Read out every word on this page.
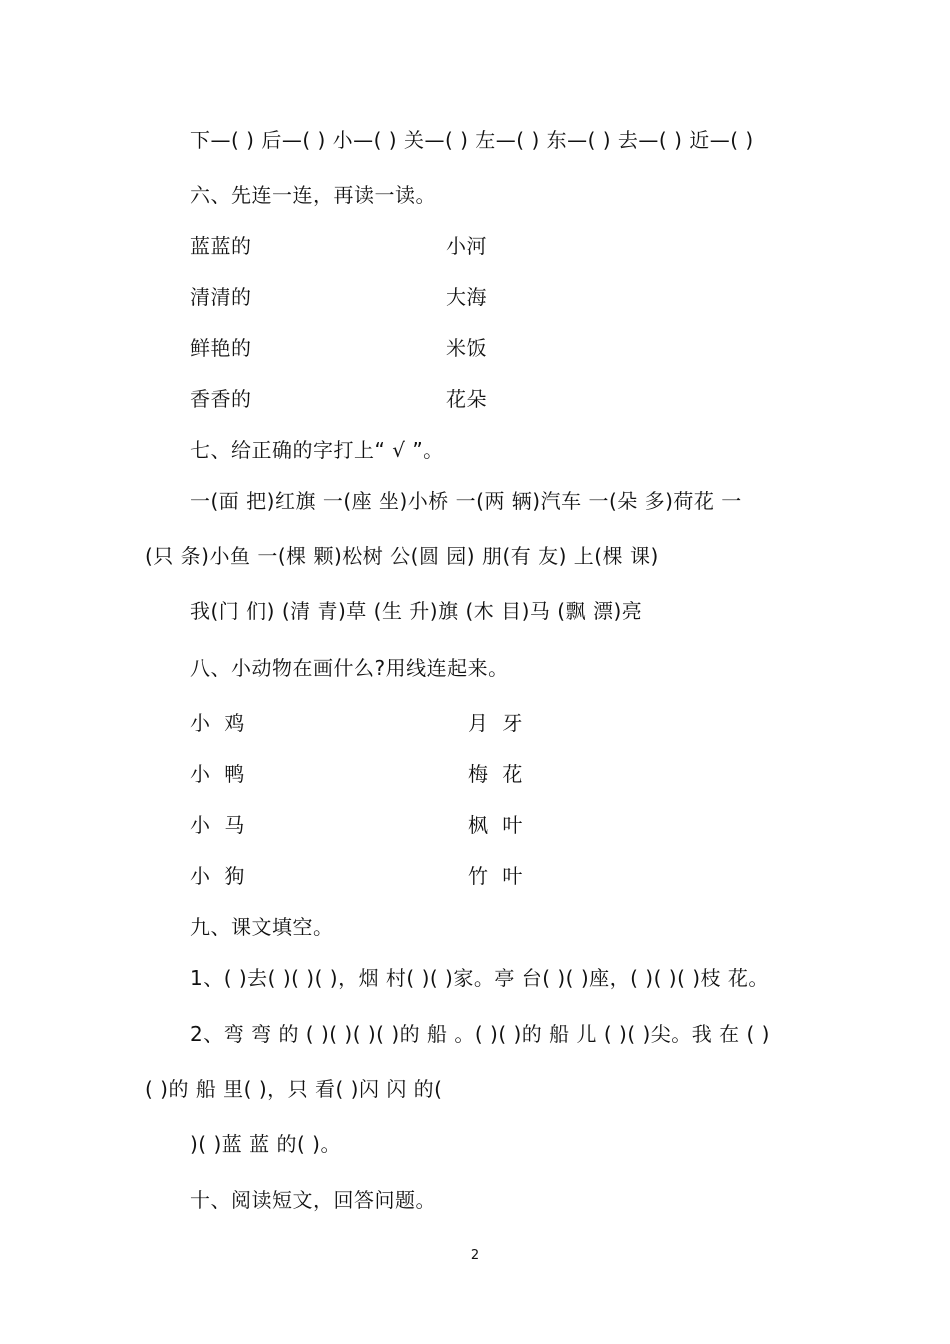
下—( ) 后—( ) 小—( ) 关—( ) 左—( ) 东—( ) 去—( ) 近—( )
六、先连一连，再读一读。
蓝蓝的	小河
清清的	大海
鲜艳的	米饭
香香的	花朵
七、给正确的字打上“ √ ”。
一(面 把)红旗 一(座 坐)小桥 一(两 辆)汽车 一(朵 多)荷花 一
(只 条)小鱼 一(棵 颗)松树 公(圆 园) 朋(有 友) 上(棵 课)
我(门 们) (清 青)草 (生 升)旗 (木 目)马 (飘 漂)亮
八、小动物在画什么?用线连起来。
小 鸡	月 牙
小 鸭	梅 花
小 马	枫 叶
小 狗	竹 叶
九、课文填空。
1、( )去( )( )( )，烟 村( )( )家。亭 台( )( )座，( )( )( )枝 花。
2、弯 弯 的 ( )( )( )( )的 船 。( )( )的 船 儿 ( )( )尖。我 在 ( )
( )的 船 里( )，只 看( )闪 闪 的(
)( )蓝 蓝 的( )。
十、阅读短文，回答问题。
2
